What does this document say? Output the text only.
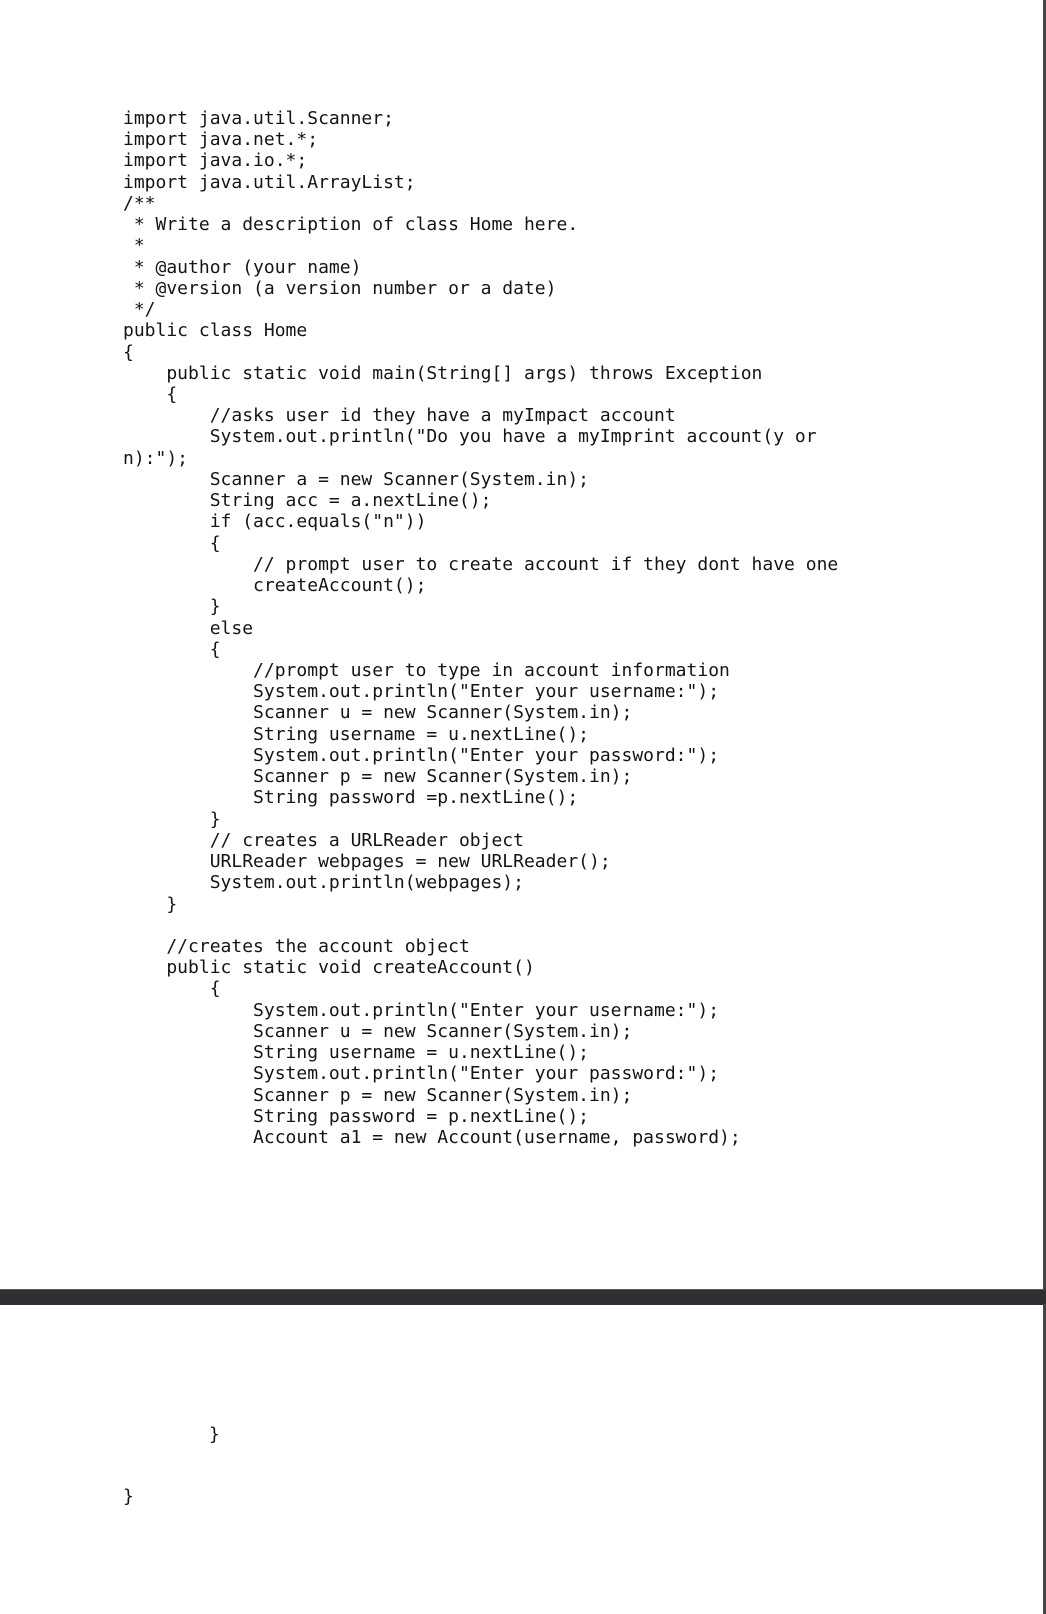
import java.util.Scanner;
import java.net.*;
import java.io.*;
import java.util.ArrayList;
/**
* Write a description of class Home here.
*
* @author (your name)
* @version (a version number or a date)
*/
public class Home
{
public static void main(String[] args) throws Exception
{
//asks user id they have a myImpact account
System.out.println("Do you have a myImprint account(y or
n):");
Scanner a = new Scanner(System.in);
String acc = a.nextLine();
if (acc.equals("n"))
{
// prompt user to create account if they dont have one
createAccount();
}
else
{
//prompt user to type in account information
System.out.println("Enter your username:");
Scanner u = new Scanner(System.in);
String username = u.nextLine();
System.out.println("Enter your password:");
Scanner p = new Scanner(System.in);
String password =p.nextLine();
}
// creates a URLReader object
URLReader webpages = new URLReader();
System.out.println(webpages);
}
//creates the account object
public static void createAccount()
{
System.out.println("Enter your username:");
Scanner u = new Scanner(System.in);
String username = u.nextLine();
System.out.println("Enter your password:");
Scanner p = new Scanner(System.in);
String password = p.nextLine();
Account a1 = new Account(username, password);
}
}
